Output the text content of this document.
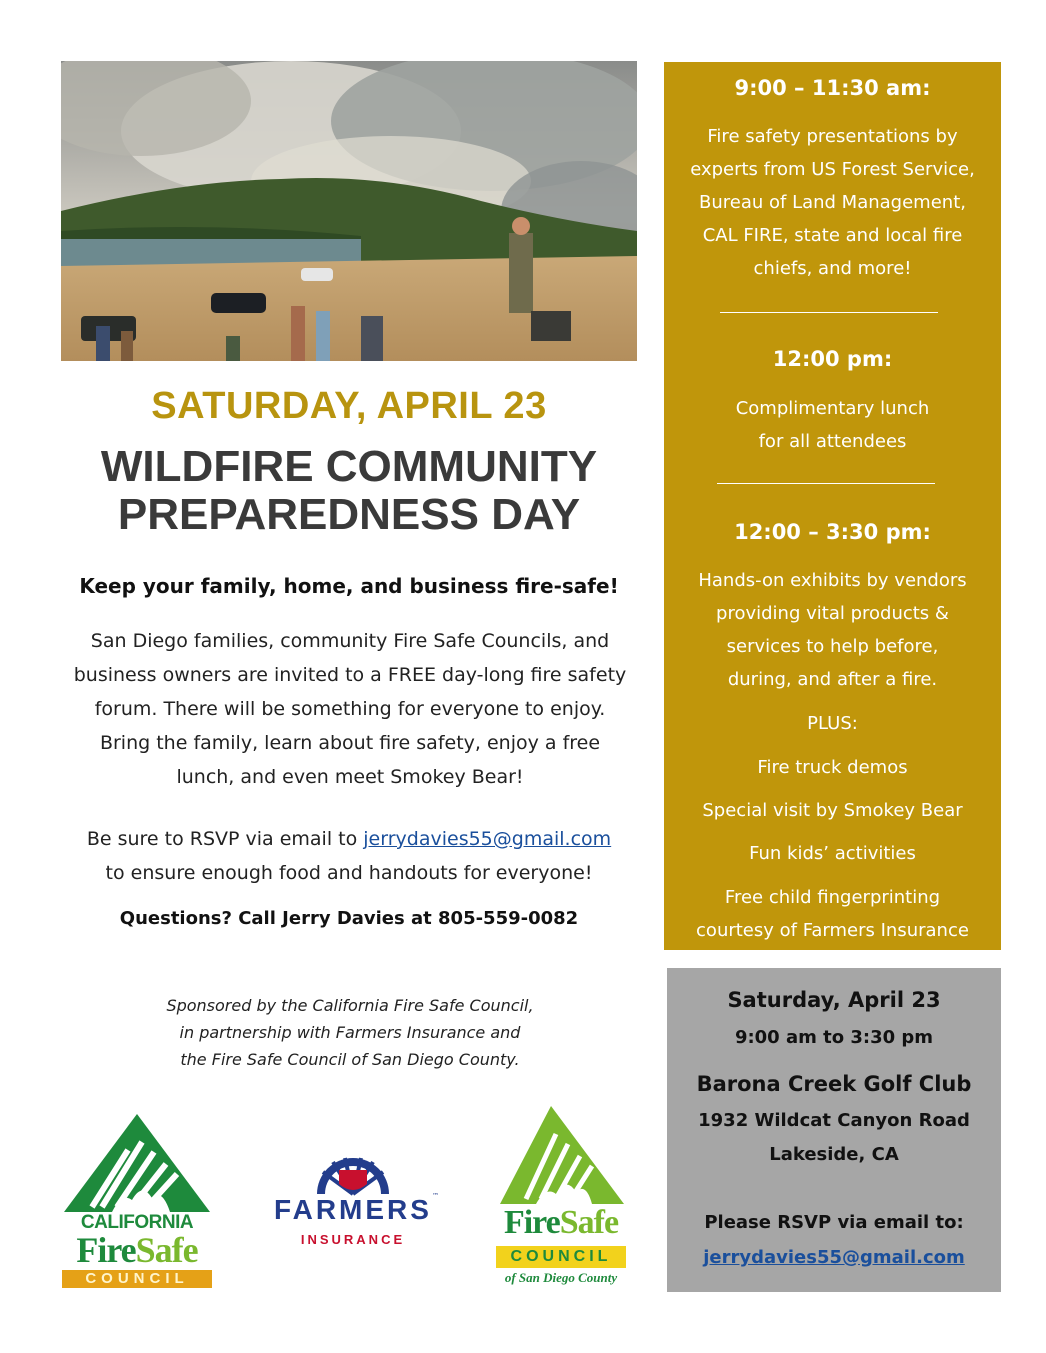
SATURDAY, APRIL 23
WILDFIRE COMMUNITY
PREPAREDNESS DAY
Keep your family, home, and business fire-safe!
San Diego families, community Fire Safe Councils, and business owners are invited to a FREE day-long fire safety forum. There will be something for everyone to enjoy. Bring the family, learn about fire safety, enjoy a free lunch, and even meet Smokey Bear!
Be sure to RSVP via email to jerrydavies55@gmail.com
to ensure enough food and handouts for everyone!
Questions? Call Jerry Davies at 805-559-0082
Sponsored by the California Fire Safe Council,
in partnership with Farmers Insurance and
the Fire Safe Council of San Diego County.
9:00 – 11:30 am:
Fire safety presentations by
experts from US Forest Service,
Bureau of Land Management,
CAL FIRE, state and local fire
chiefs, and more!
12:00 pm:
Complimentary lunch
for all attendees
12:00 – 3:30 pm:
Hands-on exhibits by vendors
providing vital products &
services to help before,
during, and after a fire.
PLUS:
Fire truck demos
Special visit by Smokey Bear
Fun kids’ activities
Free child fingerprinting
courtesy of Farmers Insurance
Saturday, April 23
9:00 am to 3:30 pm
Barona Creek Golf Club
1932 Wildcat Canyon Road
Lakeside, CA
Please RSVP via email to:
jerrydavies55@gmail.com
CALIFORNIA
FireSafe
COUNCIL
FARMERS ™
INSURANCE	FireSafe
COUNCIL
of San Diego County
